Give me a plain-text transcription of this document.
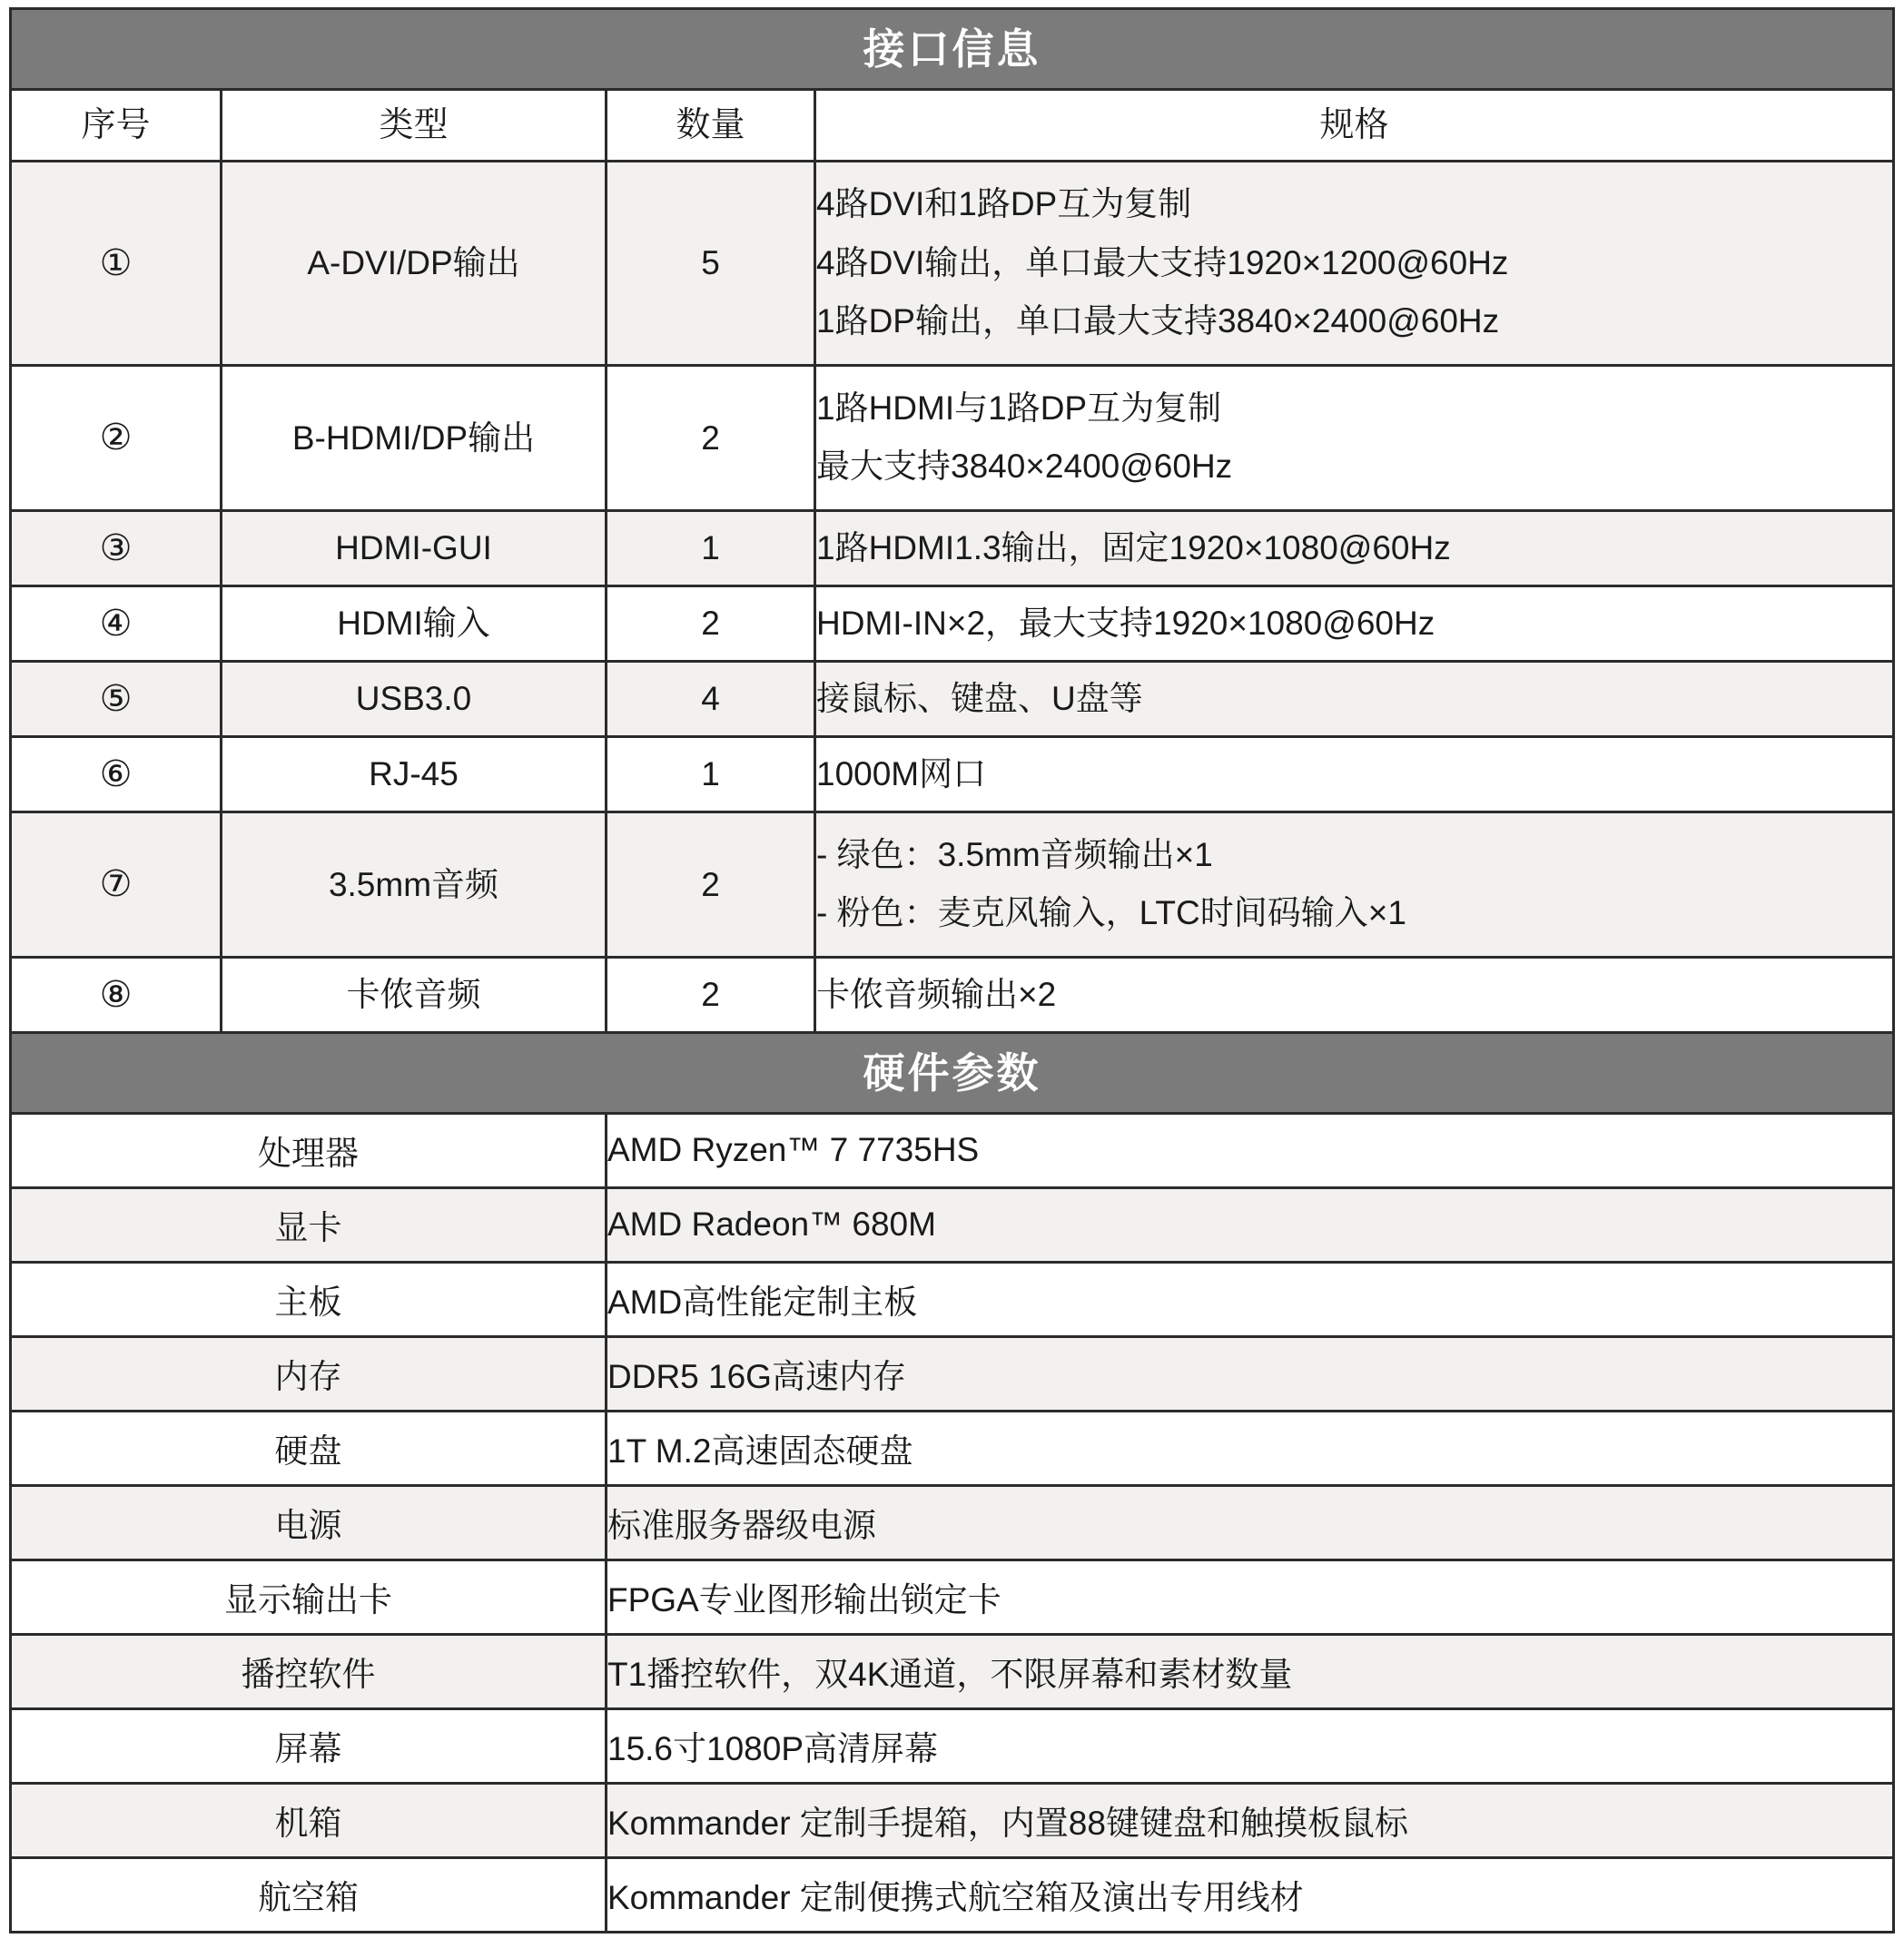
接口信息			
序号	类型	数量	规格
①	A-DVI/DP输出	5	4路DVI和1路DP互为复制
4路DVI输出，单口最大支持1920×1200@60Hz
1路DP输出，单口最大支持3840×2400@60Hz

②	B-HDMI/DP输出	2	1路HDMI与1路DP互为复制
最大支持3840×2400@60Hz

③	HDMI-GUI	1	1路HDMI1.3输出，固定1920×1080@60Hz
④	HDMI输入	2	HDMI-IN×2，最大支持1920×1080@60Hz
⑤	USB3.0	4	接鼠标、键盘、U盘等
⑥	RJ-45	1	1000M网口
⑦	3.5mm音频	2	- 绿色：3.5mm音频输出×1
- 粉色：麦克风输入，LTC时间码输入×1

⑧	卡侬音频	2	卡侬音频输出×2
硬件参数			
处理器		AMD Ryzen™ 7 7735HS	
显卡		AMD Radeon™ 680M	
主板		AMD高性能定制主板	
内存		DDR5 16G高速内存	
硬盘		1T M.2高速固态硬盘	
电源		标准服务器级电源	
显示输出卡		FPGA专业图形输出锁定卡	
播控软件		T1播控软件，双4K通道，不限屏幕和素材数量	
屏幕		15.6寸1080P高清屏幕	
机箱		Kommander 定制手提箱，内置88键键盘和触摸板鼠标	
航空箱		Kommander 定制便携式航空箱及演出专用线材	
